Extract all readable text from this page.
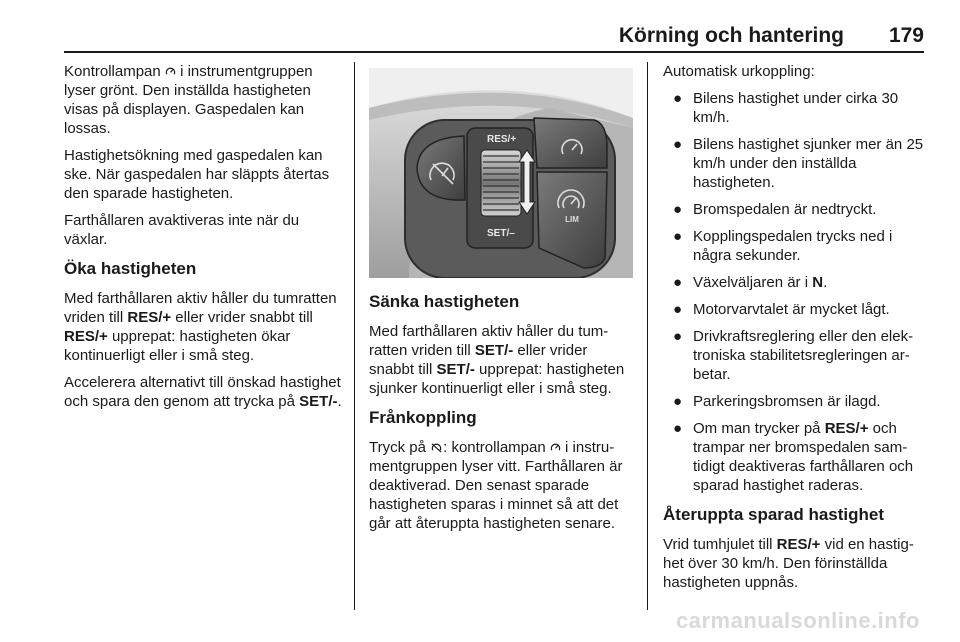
Körning och hantering 179

Kontrollampan  i instrumentgruppen lyser grönt. Den inställda hastigheten visas på displayen. Gaspedalen kan lossas.

Hastighetsökning med gaspedalen kan ske. När gaspedalen har släppts återtas den sparade hastigheten.

Farthållaren avaktiveras inte när du växlar.

Öka hastigheten

Med farthållaren aktiv håller du tumratten vriden till RES/+ eller vrider snabbt till RES/+ upprepat: hastigheten ökar kontinuerligt eller i små steg.

Accelerera alternativt till önskad hastighet och spara den genom att trycka på SET/-.

RES/+
SET/–
LIM
Sänka hastigheten

Med farthållaren aktiv håller du tumratten vriden till SET/- eller vrider snabbt till SET/- upprepat: hastigheten sjunker kontinuerligt eller i små steg.

Frånkoppling

Tryck på : kontrollampan  i instrumentgruppen lyser vitt. Farthållaren är deaktiverad. Den senast sparade hastigheten sparas i minnet så att det går att återuppta hastigheten senare.

Automatisk urkoppling:

● Bilens hastighet under cirka 30 km/h.
● Bilens hastighet sjunker mer än 25 km/h under den inställda hastigheten.
● Bromspedalen är nedtryckt.
● Kopplingspedalen trycks ned i några sekunder.
● Växelväljaren är i N.
● Motorvarvtalet är mycket lågt.
● Drivkraftsreglering eller den elektroniska stabilitetsregleringen arbetar.
● Parkeringsbromsen är ilagd.
● Om man trycker på RES/+ och trampar ner bromspedalen samtidigt deaktiveras farthållaren och sparad hastighet raderas.
Återuppta sparad hastighet

Vrid tumhjulet till RES/+ vid en hastighet över 30 km/h. Den förinställda hastigheten uppnås.

carmanualsonline.info
